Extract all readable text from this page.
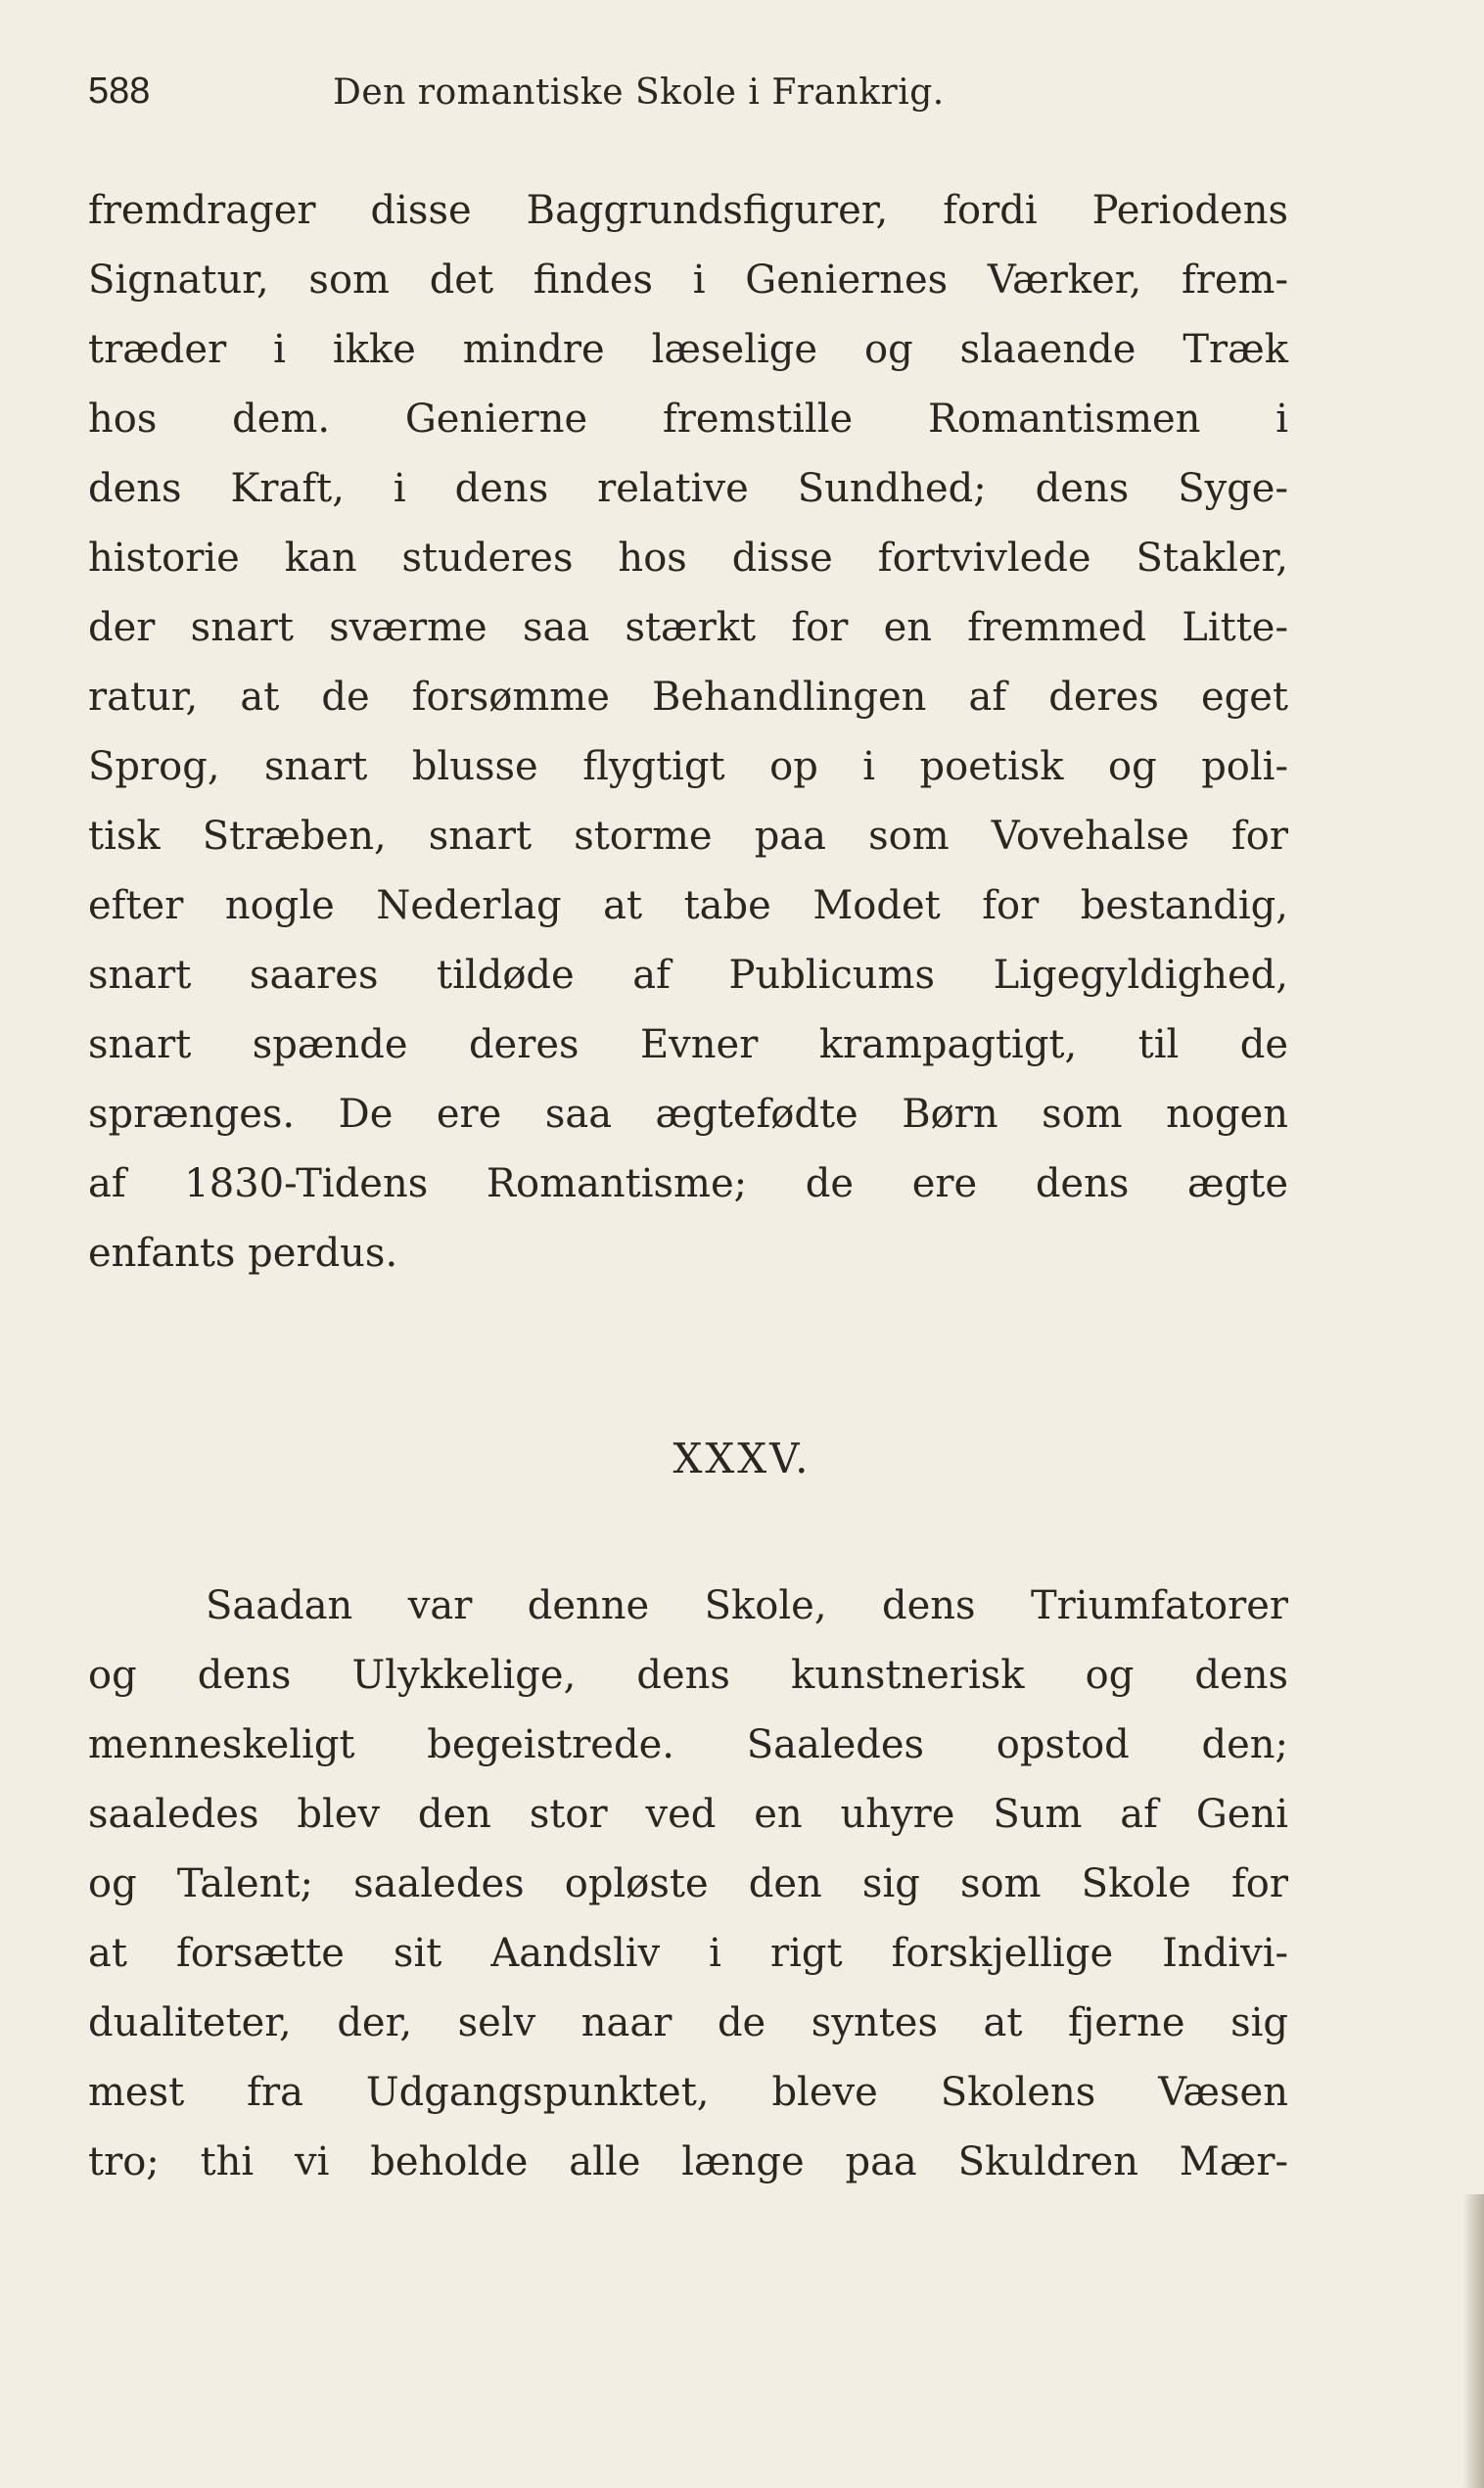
588	Den romantiske Skole i Frankrig.
fremdrager disse Baggrundsfigurer, fordi Periodens
Signatur, som det findes i Geniernes Værker, frem-
træder i ikke mindre læselige og slaaende Træk
hos dem. Genierne fremstille Romantismen i
dens Kraft, i dens relative Sundhed; dens Syge-
historie kan studeres hos disse fortvivlede Stakler,
der snart sværme saa stærkt for en fremmed Litte-
ratur, at de forsømme Behandlingen af deres eget
Sprog, snart blusse flygtigt op i poetisk og poli-
tisk Stræben, snart storme paa som Vovehalse for
efter nogle Nederlag at tabe Modet for bestandig,
snart saares tildøde af Publicums Ligegyldighed,
snart spænde deres Evner krampagtigt, til de
sprænges. De ere saa ægtefødte Børn som nogen
af 1830-Tidens Romantisme; de ere dens ægte
enfants perdus.
XXXV.
Saadan var denne Skole, dens Triumfatorer
og dens Ulykkelige, dens kunstnerisk og dens
menneskeligt begeistrede. Saaledes opstod den;
saaledes blev den stor ved en uhyre Sum af Geni
og Talent; saaledes opløste den sig som Skole for
at forsætte sit Aandsliv i rigt forskjellige Indivi-
dualiteter, der, selv naar de syntes at fjerne sig
mest fra Udgangspunktet, bleve Skolens Væsen
tro; thi vi beholde alle længe paa Skuldren Mær-
